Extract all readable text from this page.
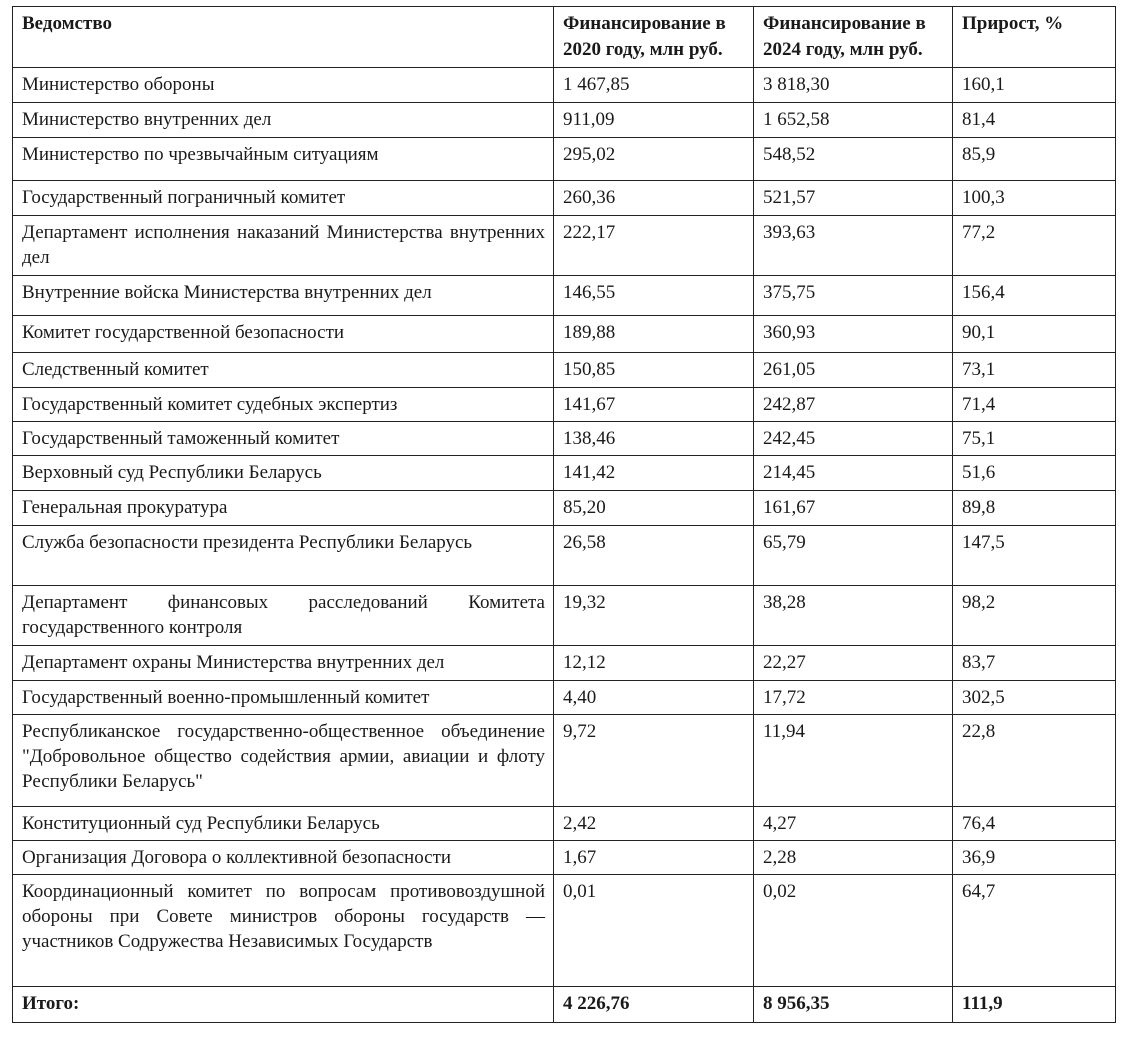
Ведомство	Финансирование в 2020 году, млн руб.	Финансирование в 2024 году, млн руб.	Прирост, %
Министерство обороны	1 467,85	3 818,30	160,1
Министерство внутренних дел	911,09	1 652,58	81,4
Министерство по чрезвычайным ситуациям	295,02	548,52	85,9
Государственный пограничный комитет	260,36	521,57	100,3
Департамент исполнения наказаний Министерства внутренних дел	222,17	393,63	77,2
Внутренние войска Министерства внутренних дел	146,55	375,75	156,4
Комитет государственной безопасности	189,88	360,93	90,1
Следственный комитет	150,85	261,05	73,1
Государственный комитет судебных экспертиз	141,67	242,87	71,4
Государственный таможенный комитет	138,46	242,45	75,1
Верховный суд Республики Беларусь	141,42	214,45	51,6
Генеральная прокуратура	85,20	161,67	89,8
Служба безопасности президента Республики Беларусь	26,58	65,79	147,5
Департамент финансовых расследований Комитета государственного контроля	19,32	38,28	98,2
Департамент охраны Министерства внутренних дел	12,12	22,27	83,7
Государственный военно-промышленный комитет	4,40	17,72	302,5
Республиканское государственно-общественное объединение "Добровольное общество содействия армии, авиации и флоту Республики Беларусь"	9,72	11,94	22,8
Конституционный суд Республики Беларусь	2,42	4,27	76,4
Организация Договора о коллективной безопасности	1,67	2,28	36,9
Координационный комитет по вопросам противовоздушной обороны при Совете министров обороны государств — участников Содружества Независимых Государств	0,01	0,02	64,7
Итого:	4 226,76	8 956,35	111,9
